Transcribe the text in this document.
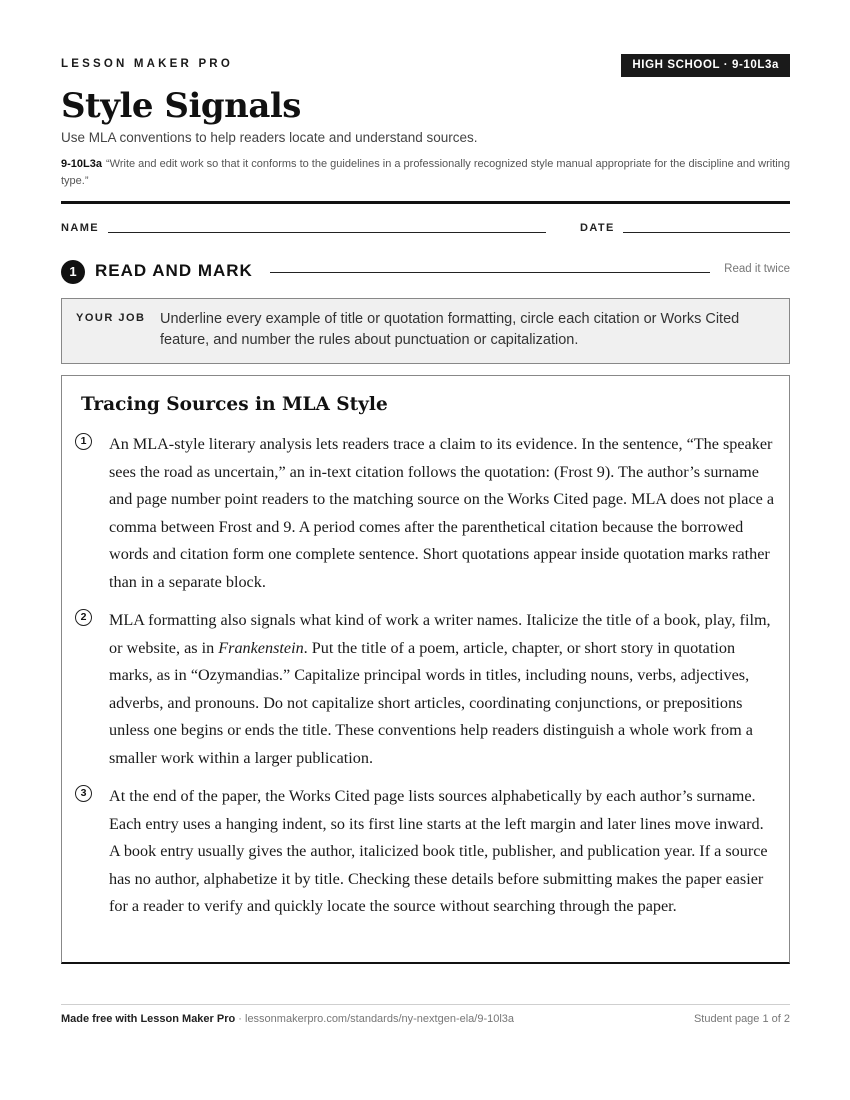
LESSON MAKER PRO	HIGH SCHOOL · 9-10L3a
Style Signals
Use MLA conventions to help readers locate and understand sources.
9-10L3a “Write and edit work so that it conforms to the guidelines in a professionally recognized style manual appropriate for the discipline and writing type.”
NAME	DATE
1	READ AND MARK	Read it twice
YOUR JOB Underline every example of title or quotation formatting, circle each citation or Works Cited feature, and number the rules about punctuation or capitalization.
Tracing Sources in MLA Style
1	An MLA-style literary analysis lets readers trace a claim to its evidence. In the sentence, “The speaker sees the road as uncertain,” an in-text citation follows the quotation: (Frost 9). The author’s surname and page number point readers to the matching source on the Works Cited page. MLA does not place a comma between Frost and 9. A period comes after the parenthetical citation because the borrowed words and citation form one complete sentence. Short quotations appear inside quotation marks rather than in a separate block.
2	MLA formatting also signals what kind of work a writer names. Italicize the title of a book, play, film, or website, as in Frankenstein. Put the title of a poem, article, chapter, or short story in quotation marks, as in “Ozymandias.” Capitalize principal words in titles, including nouns, verbs, adjectives, adverbs, and pronouns. Do not capitalize short articles, coordinating conjunctions, or prepositions unless one begins or ends the title. These conventions help readers distinguish a whole work from a smaller work within a larger publication.
3	At the end of the paper, the Works Cited page lists sources alphabetically by each author’s surname. Each entry uses a hanging indent, so its first line starts at the left margin and later lines move inward. A book entry usually gives the author, italicized book title, publisher, and publication year. If a source has no author, alphabetize it by title. Checking these details before submitting makes the paper easier for a reader to verify and quickly locate the source without searching through the paper.
Made free with Lesson Maker Pro · lessonmakerpro.com/standards/ny-nextgen-ela/9-10l3a	Student page 1 of 2
